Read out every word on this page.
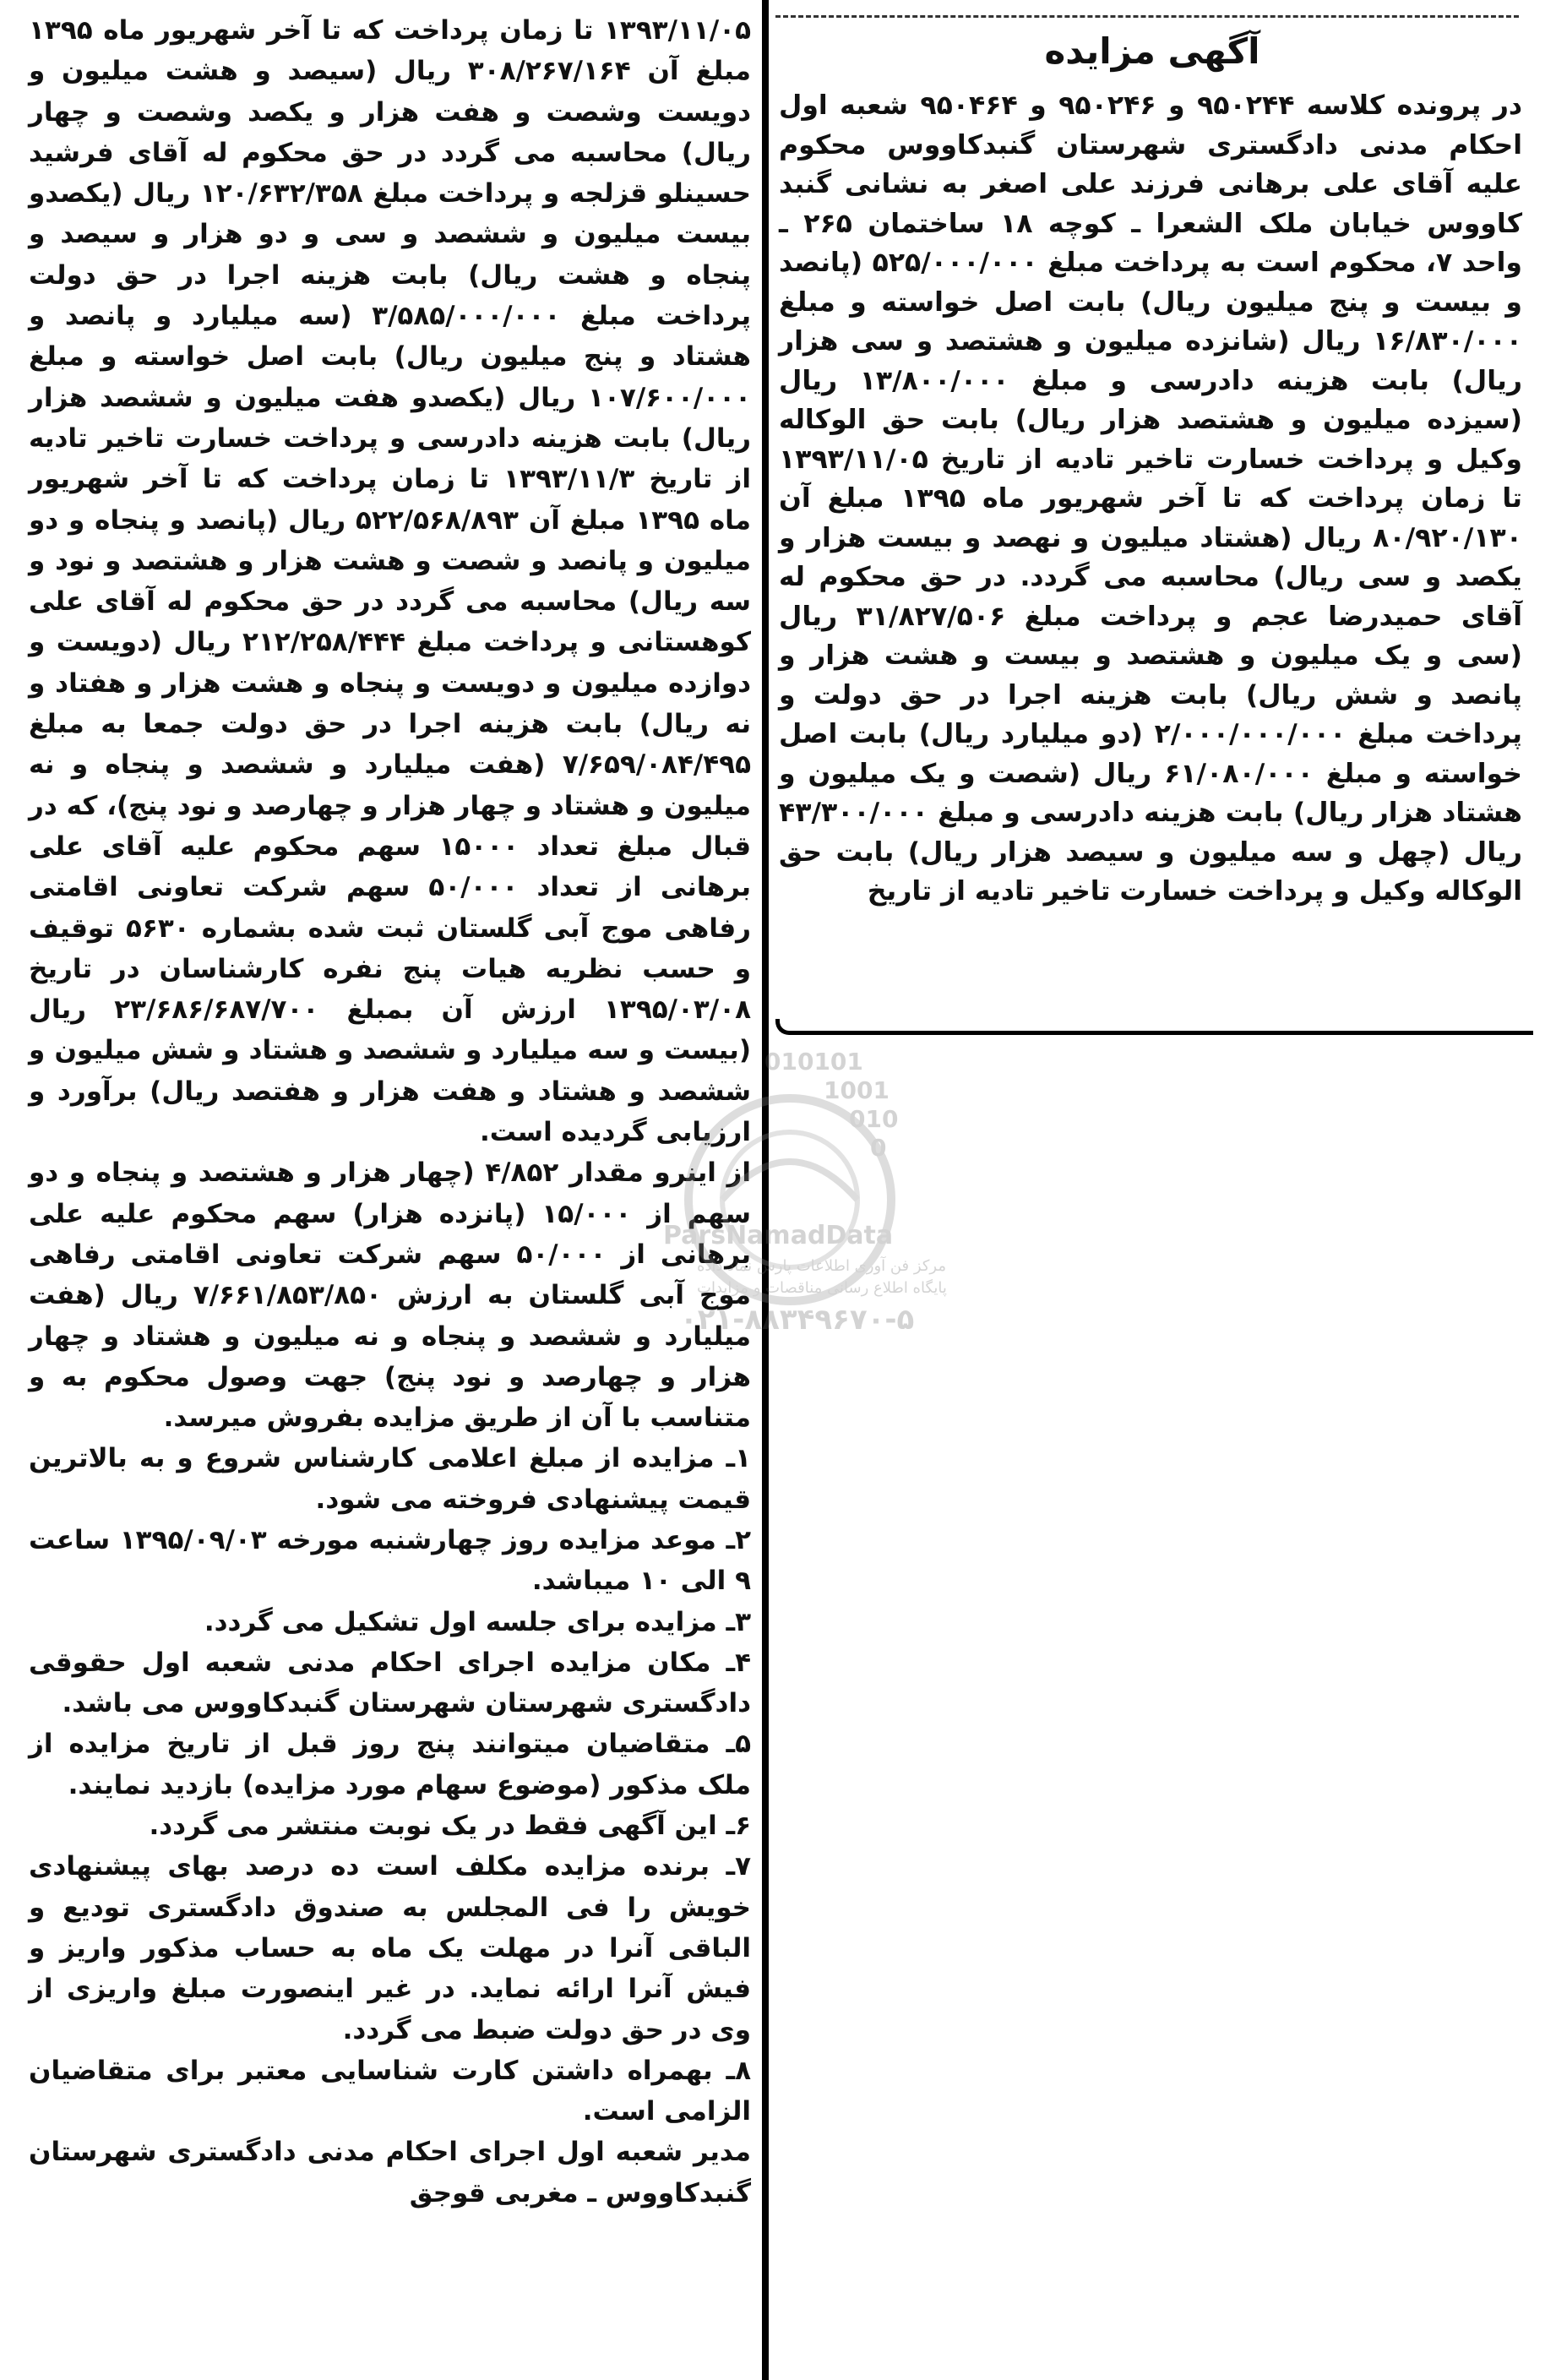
آگهی مزایده
در پرونده کلاسه ۹۵۰۲۴۴ و ۹۵۰۲۴۶ و ۹۵۰۴۶۴ شعبه اول احکام مدنی دادگستری شهرستان گنبدکاووس محکوم علیه آقای علی برهانی فرزند علی اصغر به نشانی گنبد کاووس خیابان ملک الشعرا ـ کوچه ۱۸ ساختمان ۲۶۵ ـ واحد ۷، محکوم است به پرداخت مبلغ ۵۲۵/۰۰۰/۰۰۰ (پانصد و بیست و پنج میلیون ریال) بابت اصل خواسته و مبلغ ۱۶/۸۳۰/۰۰۰ ریال (شانزده میلیون و هشتصد و سی هزار ریال) بابت هزینه دادرسی و مبلغ ۱۳/۸۰۰/۰۰۰ ریال (سیزده میلیون و هشتصد هزار ریال) بابت حق الوکاله وکیل و پرداخت خسارت تاخیر تادیه از تاریخ ۱۳۹۳/۱۱/۰۵ تا زمان پرداخت که تا آخر شهریور ماه ۱۳۹۵ مبلغ آن ۸۰/۹۲۰/۱۳۰ ریال (هشتاد میلیون و نهصد و بیست هزار و یکصد و سی ریال) محاسبه می گردد. در حق محکوم له آقای حمیدرضا عجم و پرداخت مبلغ ۳۱/۸۲۷/۵۰۶ ریال (سی و یک میلیون و هشتصد و بیست و هشت هزار و پانصد و شش ریال) بابت هزینه اجرا در حق دولت و پرداخت مبلغ ۲/۰۰۰/۰۰۰/۰۰۰ (دو میلیارد ریال) بابت اصل خواسته و مبلغ ۶۱/۰۸۰/۰۰۰ ریال (شصت و یک میلیون و هشتاد هزار ریال) بابت هزینه دادرسی و مبلغ ۴۳/۳۰۰/۰۰۰ ریال (چهل و سه میلیون و سیصد هزار ریال) بابت حق الوکاله وکیل و پرداخت خسارت تاخیر تادیه از تاریخ

۱۳۹۳/۱۱/۰۵ تا زمان پرداخت که تا آخر شهریور ماه ۱۳۹۵ مبلغ آن ۳۰۸/۲۶۷/۱۶۴ ریال (سیصد و هشت میلیون و دویست وشصت و هفت هزار و یکصد وشصت و چهار ریال) محاسبه می گردد در حق محکوم له آقای فرشید حسینلو قزلجه و پرداخت مبلغ ۱۲۰/۶۳۲/۳۵۸ ریال (یکصدو بیست میلیون و ششصد و سی و دو هزار و سیصد و پنجاه و هشت ریال) بابت هزینه اجرا در حق دولت پرداخت مبلغ ۳/۵۸۵/۰۰۰/۰۰۰ (سه میلیارد و پانصد و هشتاد و پنج میلیون ریال) بابت اصل خواسته و مبلغ ۱۰۷/۶۰۰/۰۰۰ ریال (یکصدو هفت میلیون و ششصد هزار ریال) بابت هزینه دادرسی و پرداخت خسارت تاخیر تادیه از تاریخ ۱۳۹۳/۱۱/۳ تا زمان پرداخت که تا آخر شهریور ماه ۱۳۹۵ مبلغ آن ۵۲۲/۵۶۸/۸۹۳ ریال (پانصد و پنجاه و دو میلیون و پانصد و شصت و هشت هزار و هشتصد و نود و سه ریال) محاسبه می گردد در حق محکوم له آقای علی کوهستانی و پرداخت مبلغ ۲۱۲/۲۵۸/۴۴۴ ریال (دویست و دوازده میلیون و دویست و پنجاه و هشت هزار و هفتاد و نه ریال) بابت هزینه اجرا در حق دولت جمعا به مبلغ ۷/۶۵۹/۰۸۴/۴۹۵ (هفت میلیارد و ششصد و پنجاه و نه میلیون و هشتاد و چهار هزار و چهارصد و نود پنج)، که در قبال مبلغ تعداد ۱۵۰۰۰ سهم محکوم علیه آقای علی برهانی از تعداد ۵۰/۰۰۰ سهم شرکت تعاونی اقامتی رفاهی موج آبی گلستان ثبت شده بشماره ۵۶۳۰ توقیف و حسب نظریه هیات پنج نفره کارشناسان در تاریخ ۱۳۹۵/۰۳/۰۸ ارزش آن بمبلغ ۲۳/۶۸۶/۶۸۷/۷۰۰ ریال (بیست و سه میلیارد و ششصد و هشتاد و شش میلیون و ششصد و هشتاد و هفت هزار و هفتصد ریال) برآورد و ارزیابی گردیده است.

از اینرو مقدار ۴/۸۵۲ (چهار هزار و هشتصد و پنجاه و دو سهم از ۱۵/۰۰۰ (پانزده هزار) سهم محکوم علیه علی برهانی از ۵۰/۰۰۰ سهم شرکت تعاونی اقامتی رفاهی موج آبی گلستان به ارزش ۷/۶۶۱/۸۵۳/۸۵۰ ریال (هفت میلیارد و ششصد و پنجاه و نه میلیون و هشتاد و چهار هزار و چهارصد و نود پنج) جهت وصول محکوم به و متناسب با آن از طریق مزایده بفروش میرسد.

۱ـ مزایده از مبلغ اعلامی کارشناس شروع و به بالاترین قیمت پیشنهادی فروخته می شود.

۲ـ موعد مزایده روز چهارشنبه مورخه ۱۳۹۵/۰۹/۰۳ ساعت ۹ الی ۱۰ میباشد.

۳ـ مزایده برای جلسه اول تشکیل می گردد.

۴ـ مکان مزایده اجرای احکام مدنی شعبه اول حقوقی دادگستری شهرستان شهرستان گنبدکاووس می باشد.

۵ـ متقاضیان میتوانند پنج روز قبل از تاریخ مزایده از ملک مذکور (موضوع سهام مورد مزایده) بازدید نمایند.

۶ـ این آگهی فقط در یک نوبت منتشر می گردد.

۷ـ برنده مزایده مکلف است ده درصد بهای پیشنهادی خویش را فی المجلس به صندوق دادگستری تودیع و الباقی آنرا در مهلت یک ماه به حساب مذکور واریز و فیش آنرا ارائه نماید. در غیر اینصورت مبلغ واریزی از وی در حق دولت ضبط می گردد.

۸ـ بهمراه داشتن کارت شناسایی معتبر برای متقاضیان الزامی است.

مدیر شعبه اول اجرای احکام مدنی دادگستری شهرستان گنبدکاووس ـ مغربی قوجق

010101
1001
010
0
ParsNamadData
مرکز فن آوری اطلاعات پارس نماد داده
پایگاه اطلاع رسانی مناقصات و مزایدات
۰۲۱-۸۸۳۴۹۶۷۰-۵
